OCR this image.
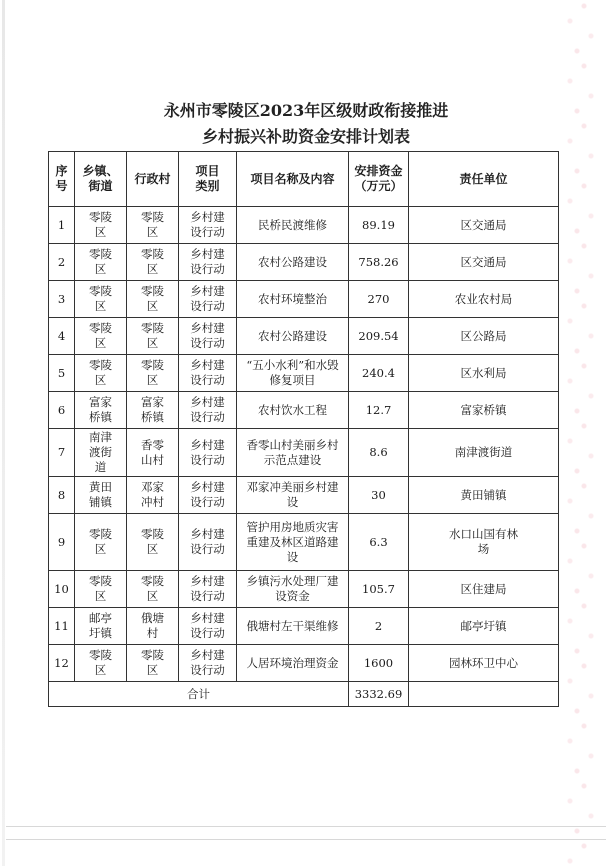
永州市零陵区2023年区级财政衔接推进
乡村振兴补助资金安排计划表
序号	乡镇、街道	行政村	项目类别	项目名称及内容	安排资金（万元）	责任单位
1	零陵区	零陵区	乡村建设行动	民桥民渡维修	89.19	区交通局
2	零陵区	零陵区	乡村建设行动	农村公路建设	758.26	区交通局
3	零陵区	零陵区	乡村建设行动	农村环境整治	270	农业农村局
4	零陵区	零陵区	乡村建设行动	农村公路建设	209.54	区公路局
5	零陵区	零陵区	乡村建设行动	“五小水利”和水毁修复项目	240.4	区水利局
6	富家桥镇	富家桥镇	乡村建设行动	农村饮水工程	12.7	富家桥镇
7	南津渡街道	香零山村	乡村建设行动	香零山村美丽乡村示范点建设	8.6	南津渡街道
8	黄田铺镇	邓家冲村	乡村建设行动	邓家冲美丽乡村建设	30	黄田铺镇
9	零陵区	零陵区	乡村建设行动	管护用房地质灾害重建及林区道路建设	6.3	水口山国有林场
10	零陵区	零陵区	乡村建设行动	乡镇污水处理厂建设资金	105.7	区住建局
11	邮亭圩镇	俄塘村	乡村建设行动	俄塘村左干渠维修	2	邮亭圩镇
12	零陵区	零陵区	乡村建设行动	人居环境治理资金	1600	园林环卫中心
合计					3332.69	
